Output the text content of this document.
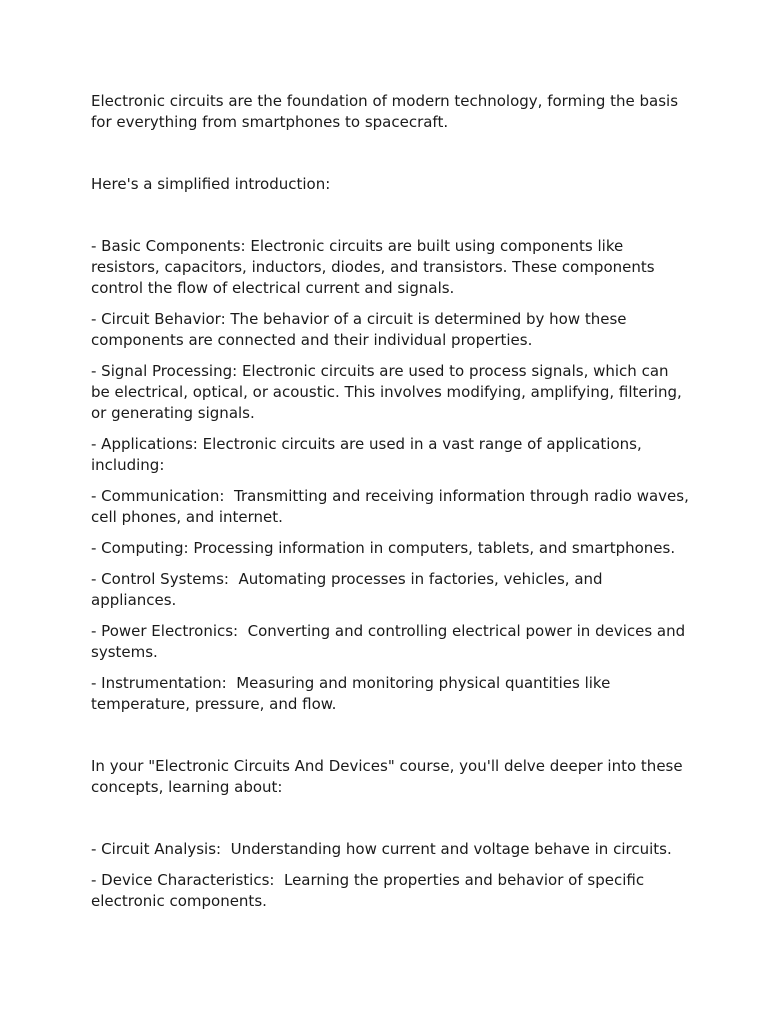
Electronic circuits are the foundation of modern technology, forming the basis for everything from smartphones to spacecraft.

Here's a simplified introduction:

- Basic Components: Electronic circuits are built using components like resistors, capacitors, inductors, diodes, and transistors. These components control the flow of electrical current and signals.

- Circuit Behavior: The behavior of a circuit is determined by how these components are connected and their individual properties.

- Signal Processing: Electronic circuits are used to process signals, which can be electrical, optical, or acoustic. This involves modifying, amplifying, filtering, or generating signals.

- Applications: Electronic circuits are used in a vast range of applications, including:

- Communication:  Transmitting and receiving information through radio waves, cell phones, and internet.

- Computing: Processing information in computers, tablets, and smartphones.

- Control Systems:  Automating processes in factories, vehicles, and appliances.

- Power Electronics:  Converting and controlling electrical power in devices and systems.

- Instrumentation:  Measuring and monitoring physical quantities like temperature, pressure, and flow.

In your "Electronic Circuits And Devices" course, you'll delve deeper into these concepts, learning about:

- Circuit Analysis:  Understanding how current and voltage behave in circuits.

- Device Characteristics:  Learning the properties and behavior of specific electronic components.
